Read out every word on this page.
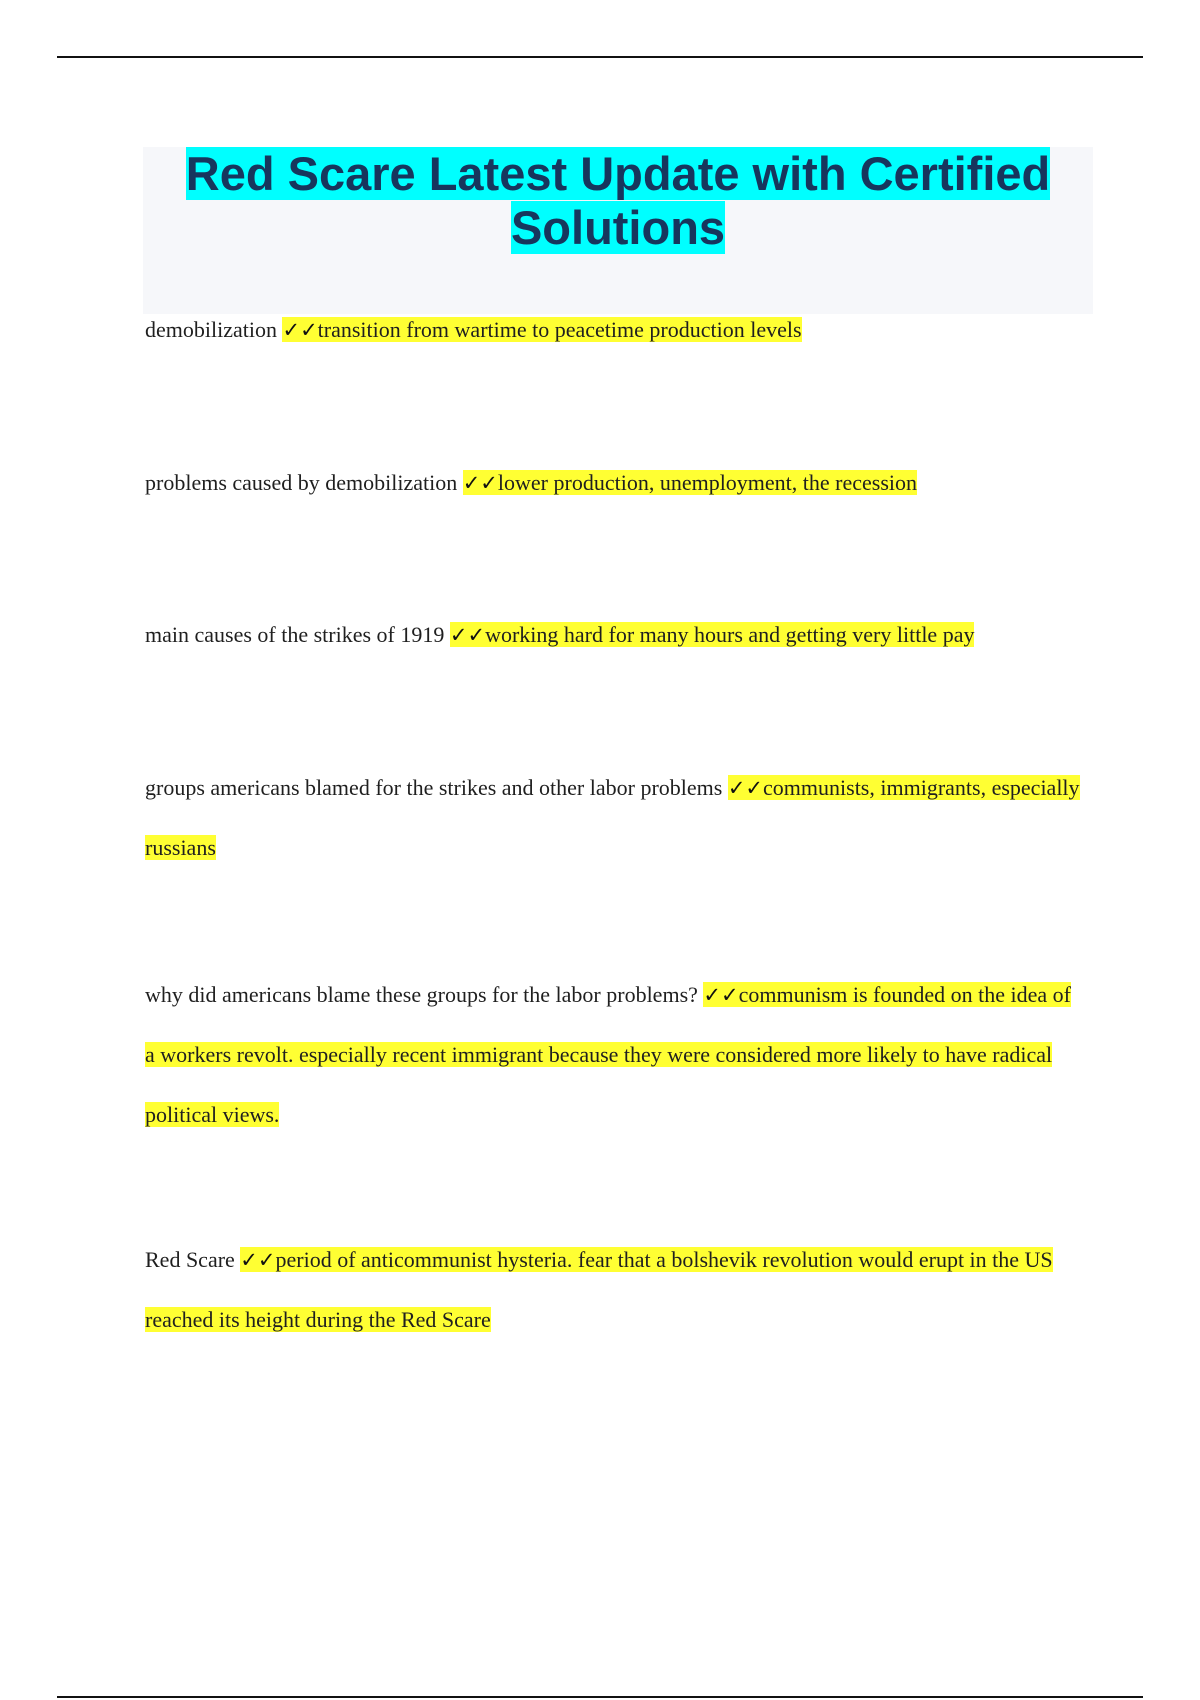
Red Scare Latest Update with Certified Solutions
demobilization ✓✓transition from wartime to peacetime production levels
problems caused by demobilization ✓✓lower production, unemployment, the recession
main causes of the strikes of 1919 ✓✓working hard for many hours and getting very little pay
groups americans blamed for the strikes and other labor problems ✓✓communists, immigrants, especially russians
why did americans blame these groups for the labor problems? ✓✓communism is founded on the idea of a workers revolt. especially recent immigrant because they were considered more likely to have radical political views.
Red Scare ✓✓period of anticommunist hysteria. fear that a bolshevik revolution would erupt in the US reached its height during the Red Scare
